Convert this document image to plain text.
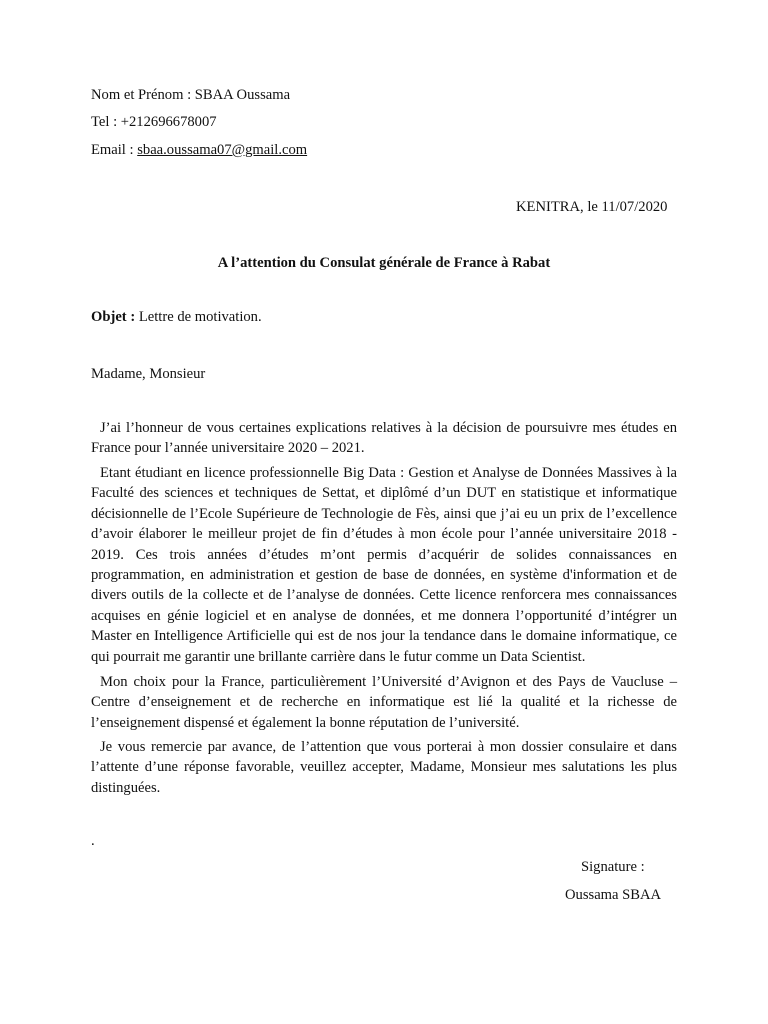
Nom et Prénom : SBAA Oussama
Tel : +212696678007
Email : sbaa.oussama07@gmail.com
KENITRA, le 11/07/2020
A l’attention du Consulat générale de France à Rabat
Objet : Lettre de motivation.
Madame, Monsieur

J’ai l’honneur de vous certaines explications relatives à la décision de poursuivre mes études en France pour l’année universitaire 2020 – 2021.

Etant étudiant en licence professionnelle Big Data : Gestion et Analyse de Données Massives à la Faculté des sciences et techniques de Settat, et diplômé d’un DUT en statistique et informatique décisionnelle de l’Ecole Supérieure de Technologie de Fès, ainsi que j’ai eu un prix de l’excellence d’avoir élaborer le meilleur projet de fin d’études à mon école pour l’année universitaire 2018 - 2019. Ces trois années d’études m’ont permis d’acquérir de solides connaissances en programmation, en administration et gestion de base de données, en système d'information et de divers outils de la collecte et de l’analyse de données. Cette licence renforcera mes connaissances acquises en génie logiciel et en analyse de données, et me donnera l’opportunité d’intégrer un Master en Intelligence Artificielle qui est de nos jour la tendance dans le domaine informatique, ce qui pourrait me garantir une brillante carrière dans le futur comme un Data Scientist.

Mon choix pour la France, particulièrement l’Université d’Avignon et des Pays de Vaucluse – Centre d’enseignement et de recherche en informatique est lié la qualité et la richesse de l’enseignement dispensé et également la bonne réputation de l’université.

Je vous remercie par avance, de l’attention que vous porterai à mon dossier consulaire et dans l’attente d’une réponse favorable, veuillez accepter, Madame, Monsieur mes salutations les plus distinguées.

.
Signature :
Oussama SBAA
